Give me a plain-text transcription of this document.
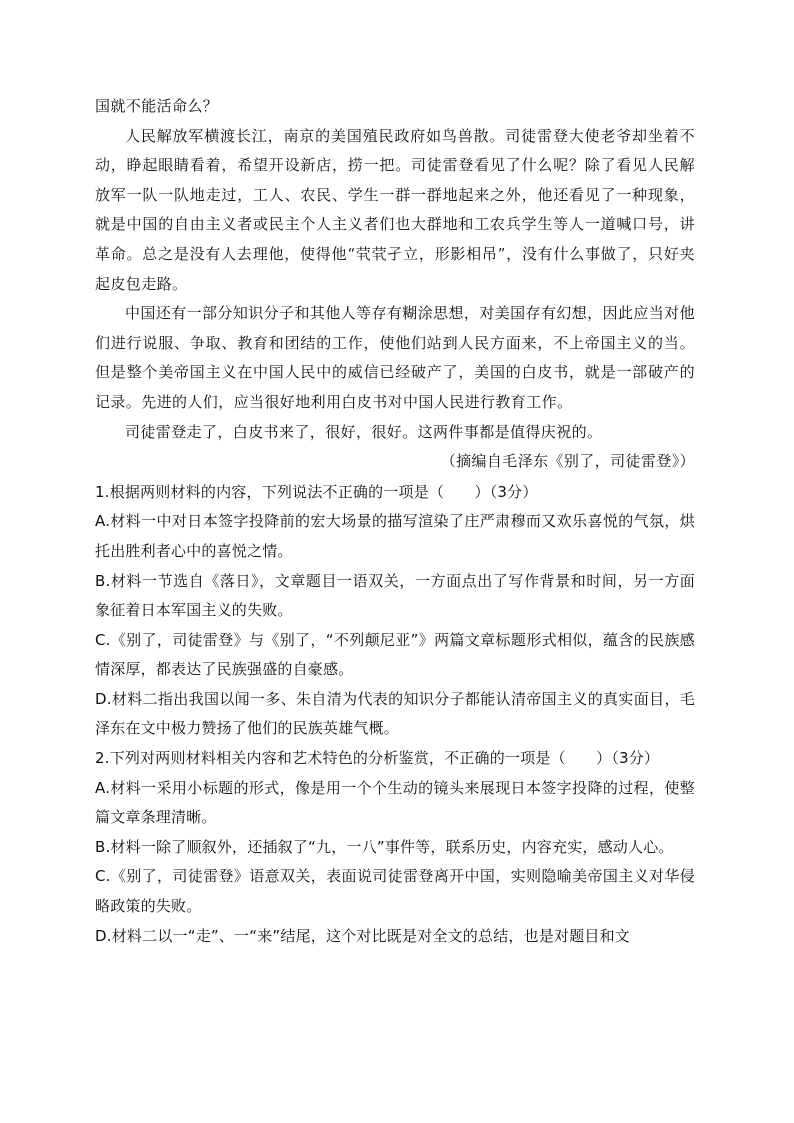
国就不能活命么？

人民解放军横渡长江，南京的美国殖民政府如鸟兽散。司徒雷登大使老爷却坐着不动，睁起眼睛看着，希望开设新店，捞一把。司徒雷登看见了什么呢？除了看见人民解放军一队一队地走过，工人、农民、学生一群一群地起来之外，他还看见了一种现象，就是中国的自由主义者或民主个人主义者们也大群地和工农兵学生等人一道喊口号，讲革命。总之是没有人去理他，使得他“茕茕孑立，形影相吊”，没有什么事做了，只好夹起皮包走路。

中国还有一部分知识分子和其他人等存有糊涂思想，对美国存有幻想，因此应当对他们进行说服、争取、教育和团结的工作，使他们站到人民方面来，不上帝国主义的当。但是整个美帝国主义在中国人民中的威信已经破产了，美国的白皮书，就是一部破产的记录。先进的人们，应当很好地利用白皮书对中国人民进行教育工作。

司徒雷登走了，白皮书来了，很好，很好。这两件事都是值得庆祝的。

（摘编自毛泽东《别了，司徒雷登》）

1.根据两则材料的内容，下列说法不正确的一项是（　　）（3分）

A.材料一中对日本签字投降前的宏大场景的描写渲染了庄严肃穆而又欢乐喜悦的气氛，烘托出胜利者心中的喜悦之情。

B.材料一节选自《落日》，文章题目一语双关，一方面点出了写作背景和时间，另一方面象征着日本军国主义的失败。

C.《别了，司徒雷登》与《别了，“不列颠尼亚”》两篇文章标题形式相似，蕴含的民族感情深厚，都表达了民族强盛的自豪感。

D.材料二指出我国以闻一多、朱自清为代表的知识分子都能认清帝国主义的真实面目，毛泽东在文中极力赞扬了他们的民族英雄气概。

2.下列对两则材料相关内容和艺术特色的分析鉴赏，不正确的一项是（　　）（3分）

A.材料一采用小标题的形式，像是用一个个生动的镜头来展现日本签字投降的过程，使整篇文章条理清晰。

B.材料一除了顺叙外，还插叙了“九，一八”事件等，联系历史，内容充实，感动人心。

C.《别了，司徒雷登》语意双关，表面说司徒雷登离开中国，实则隐喻美帝国主义对华侵略政策的失败。

D.材料二以一“走”、一“来”结尾，这个对比既是对全文的总结，也是对题目和文
